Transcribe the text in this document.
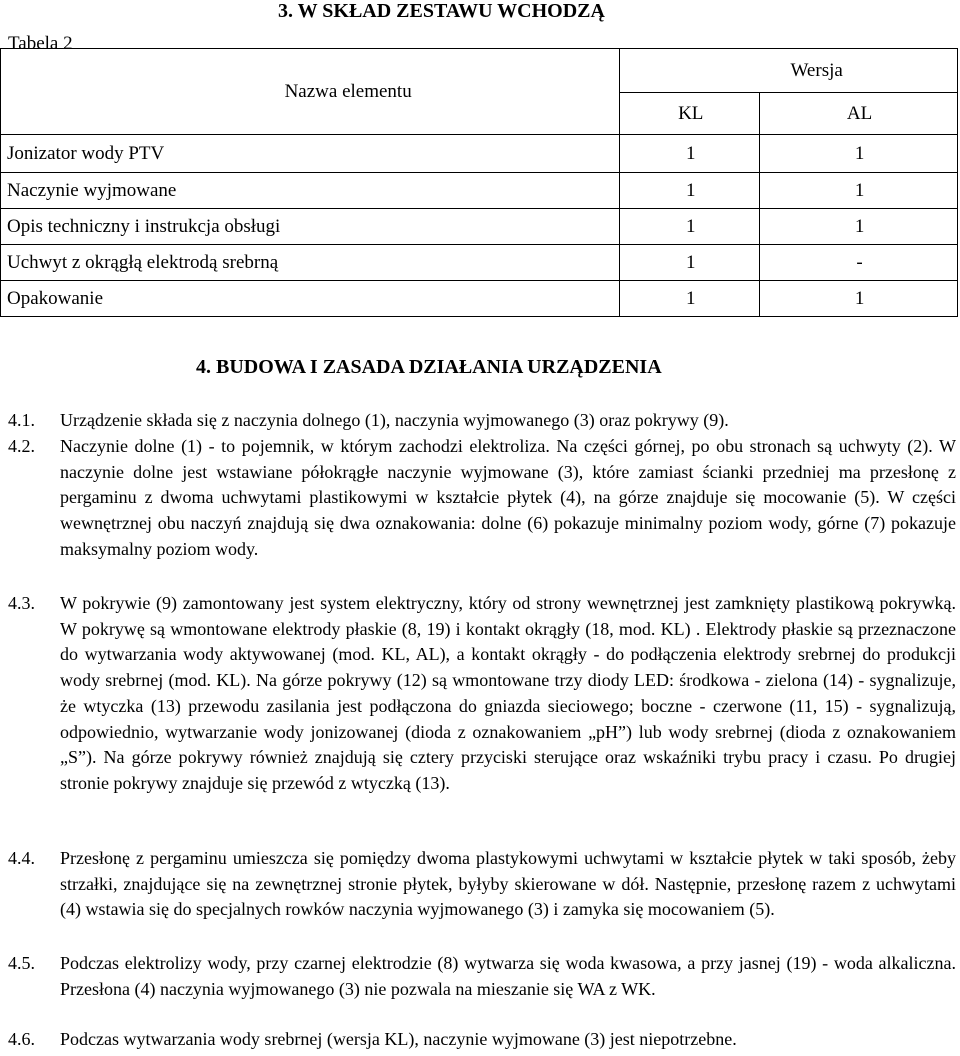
3. W SKŁAD ZESTAWU WCHODZĄ
Tabela 2
Nazwa elementu	Wersja	
	KL	AL
Jonizator wody PTV	1	1
Naczynie wyjmowane	1	1
Opis techniczny i instrukcja obsługi	1	1
Uchwyt z okrągłą elektrodą srebrną	1	-
Opakowanie	1	1
4. BUDOWA I ZASADA DZIAŁANIA URZĄDZENIA
4.1. Urządzenie składa się z naczynia dolnego (1), naczynia wyjmowanego (3) oraz pokrywy (9).
4.2. Naczynie dolne (1) - to pojemnik, w którym zachodzi elektroliza. Na części górnej, po obu stronach są uchwyty (2). W naczynie dolne jest wstawiane półokrągłe naczynie wyjmowane (3), które zamiast ścianki przedniej ma przesłonę z pergaminu z dwoma uchwytami plastikowymi w kształcie płytek (4), na górze znajduje się mocowanie (5). W części wewnętrznej obu naczyń znajdują się dwa oznakowania: dolne (6) pokazuje minimalny poziom wody, górne (7) pokazuje maksymalny poziom wody.
4.3. W pokrywie (9) zamontowany jest system elektryczny, który od strony wewnętrznej jest zamknięty plastikową pokrywką. W pokrywę są wmontowane elektrody płaskie (8, 19) i kontakt okrągły (18, mod. KL) . Elektrody płaskie są przeznaczone do wytwarzania wody aktywowanej (mod. KL, AL), a kontakt okrągły - do podłączenia elektrody srebrnej do produkcji wody srebrnej (mod. KL). Na górze pokrywy (12) są wmontowane trzy diody LED: środkowa - zielona (14) - sygnalizuje, że wtyczka (13) przewodu zasilania jest podłączona do gniazda sieciowego; boczne - czerwone (11, 15) - sygnalizują, odpowiednio, wytwarzanie wody jonizowanej (dioda z oznakowaniem „pH”) lub wody srebrnej (dioda z oznakowaniem „S”). Na górze pokrywy również znajdują się cztery przyciski sterujące oraz wskaźniki trybu pracy i czasu. Po drugiej stronie pokrywy znajduje się przewód z wtyczką (13).
4.4. Przesłonę z pergaminu umieszcza się pomiędzy dwoma plastykowymi uchwytami w kształcie płytek w taki sposób, żeby strzałki, znajdujące się na zewnętrznej stronie płytek, byłyby skierowane w dół. Następnie, przesłonę razem z uchwytami (4) wstawia się do specjalnych rowków naczynia wyjmowanego (3) i zamyka się mocowaniem (5).
4.5. Podczas elektrolizy wody, przy czarnej elektrodzie (8) wytwarza się woda kwasowa, a przy jasnej (19) - woda alkaliczna. Przesłona (4) naczynia wyjmowanego (3) nie pozwala na mieszanie się WA z WK.
4.6. Podczas wytwarzania wody srebrnej (wersja KL), naczynie wyjmowane (3) jest niepotrzebne.
